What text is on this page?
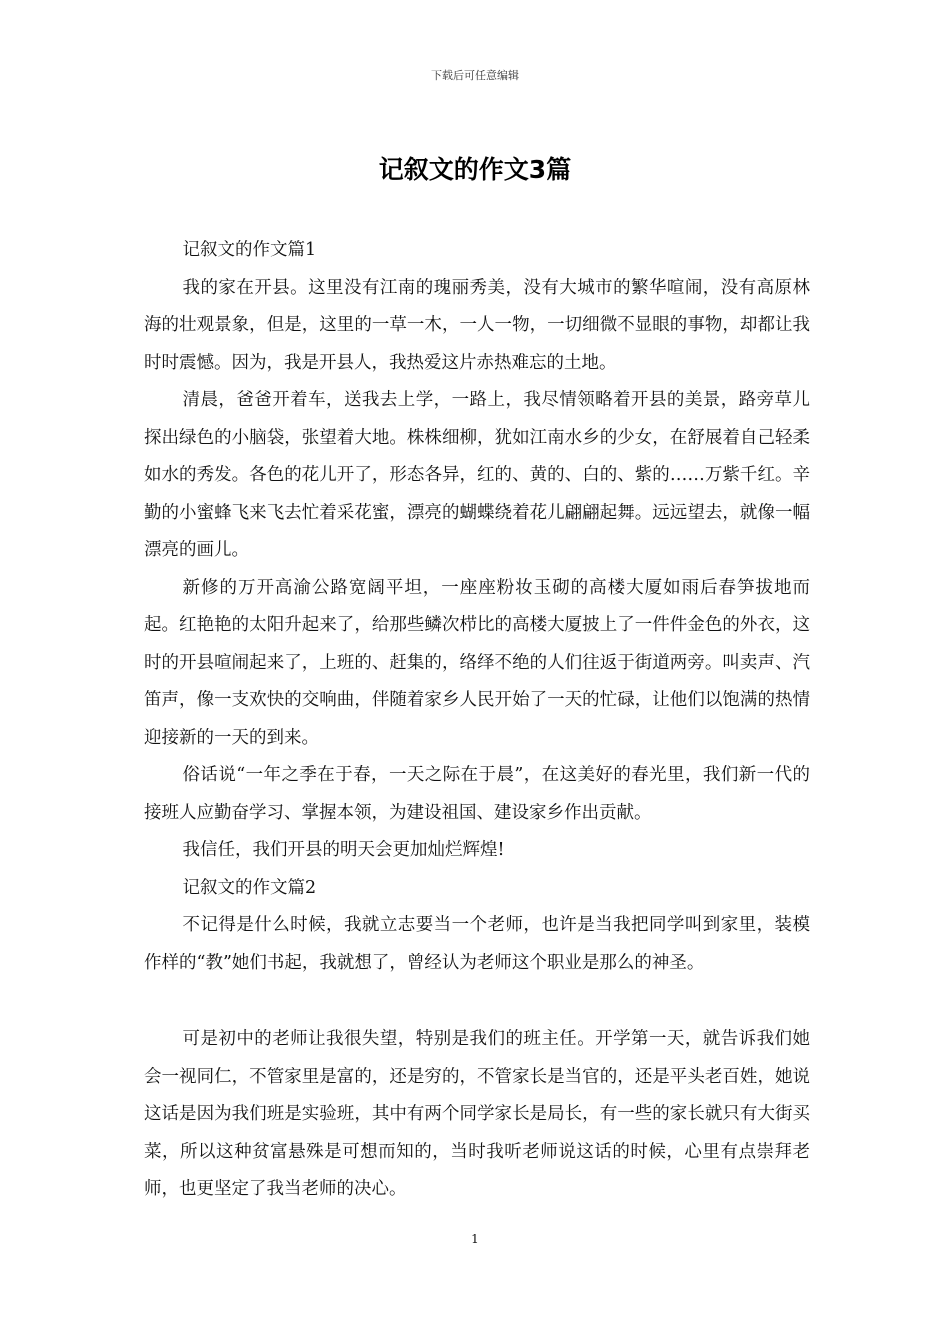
下载后可任意编辑
记叙文的作文3篇

记叙文的作文篇1

我的家在开县。这里没有江南的瑰丽秀美，没有大城市的繁华喧闹，没有高原林海的壮观景象，但是，这里的一草一木，一人一物，一切细微不显眼的事物，却都让我时时震憾。因为，我是开县人，我热爱这片赤热难忘的土地。

清晨，爸爸开着车，送我去上学，一路上，我尽情领略着开县的美景，路旁草儿探出绿色的小脑袋，张望着大地。株株细柳，犹如江南水乡的少女，在舒展着自己轻柔如水的秀发。各色的花儿开了，形态各异，红的、黄的、白的、紫的……万紫千红。辛勤的小蜜蜂飞来飞去忙着采花蜜，漂亮的蝴蝶绕着花儿翩翩起舞。远远望去，就像一幅漂亮的画儿。

新修的万开高渝公路宽阔平坦，一座座粉妆玉砌的高楼大厦如雨后春笋拔地而起。红艳艳的太阳升起来了，给那些鳞次栉比的高楼大厦披上了一件件金色的外衣，这时的开县喧闹起来了，上班的、赶集的，络绎不绝的人们往返于街道两旁。叫卖声、汽笛声，像一支欢快的交响曲，伴随着家乡人民开始了一天的忙碌，让他们以饱满的热情迎接新的一天的到来。

俗话说“一年之季在于春，一天之际在于晨”，在这美好的春光里，我们新一代的接班人应勤奋学习、掌握本领，为建设祖国、建设家乡作出贡献。

我信任，我们开县的明天会更加灿烂辉煌!

记叙文的作文篇2

不记得是什么时候，我就立志要当一个老师，也许是当我把同学叫到家里，装模作样的“教”她们书起，我就想了，曾经认为老师这个职业是那么的神圣。

可是初中的老师让我很失望，特别是我们的班主任。开学第一天，就告诉我们她会一视同仁，不管家里是富的，还是穷的，不管家长是当官的，还是平头老百姓，她说这话是因为我们班是实验班，其中有两个同学家长是局长，有一些的家长就只有大街买菜，所以这种贫富悬殊是可想而知的，当时我听老师说这话的时候，心里有点崇拜老师，也更坚定了我当老师的决心。

1
